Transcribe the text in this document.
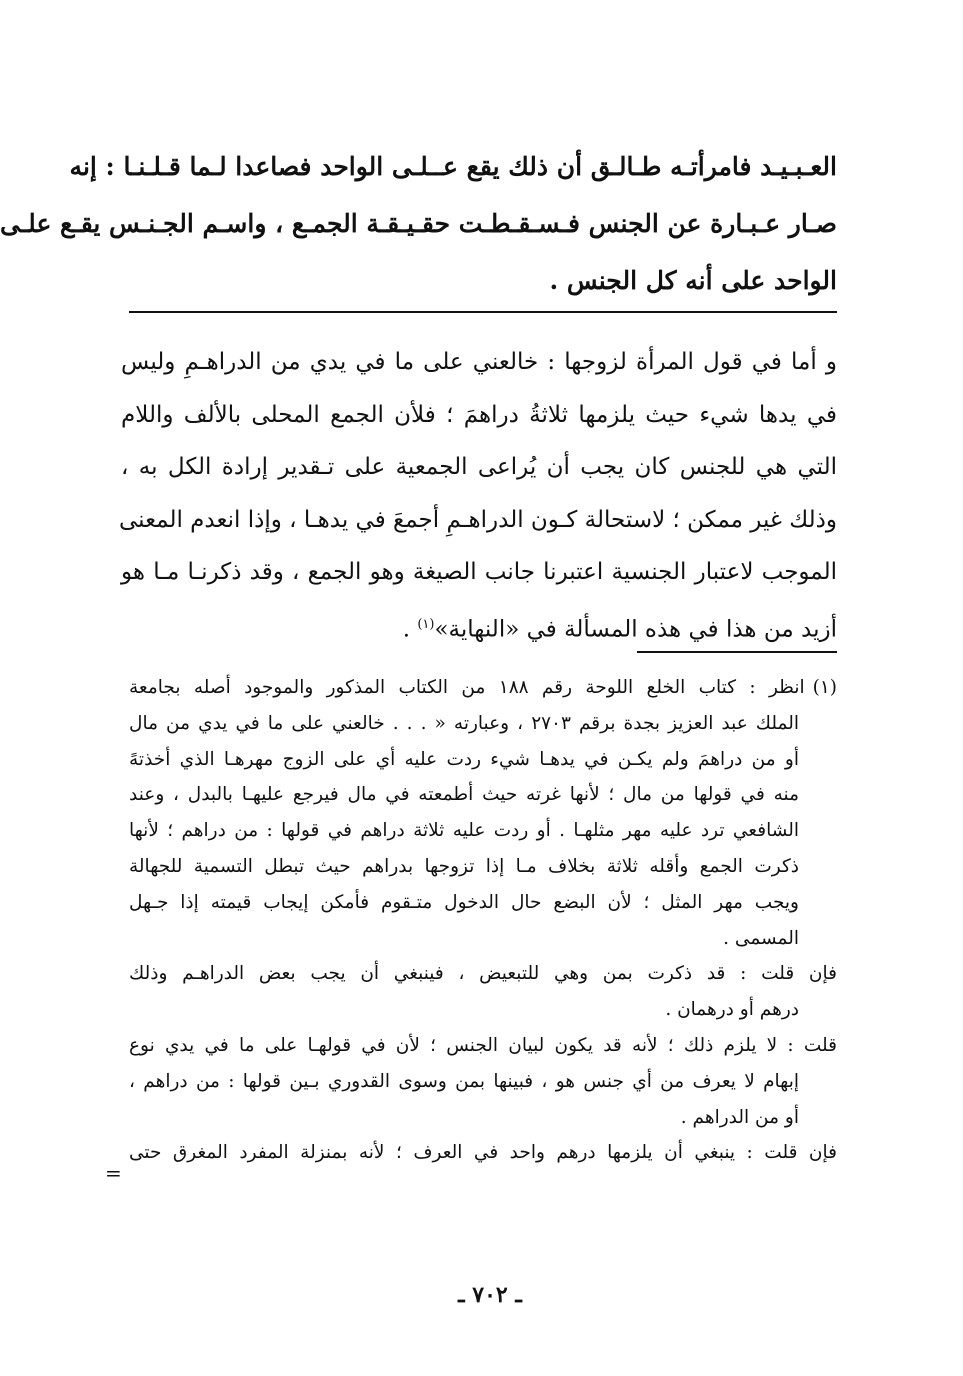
العـبـيـد فامرأتـه طـالـق أن ذلك يقع عــلـى الواحد فصاعدا لـما قـلـنـا : إنه
صـار عـبـارة عن الجنس فـسـقـطـت حقـيـقـة الجمـع ، واسـم الجـنـس يقـع علـى
الواحد على أنه كل الجنس .
و أما في قول المرأة لزوجها : خالعني على ما في يدي من الدراهـمِ وليس
في يدها شيء حيث يلزمها ثلاثةُ دراهمَ ؛ فلأن الجمع المحلى بالألف واللام
التي هي للجنس كان يجب أن يُراعى الجمعية على تـقدير إرادة الكل به ،
وذلك غير ممكن ؛ لاستحالة كـون الدراهـمِ أجمعَ في يدهـا ، وإذا انعدم المعنى
الموجب لاعتبار الجنسية اعتبرنا جانب الصيغة وهو الجمع ، وقد ذكرنـا مـا هو
أزيد من هذا في هذه المسألة في «النهاية»$^{(١)}$ .
(١)انظر : كتاب الخلع اللوحة رقم ١٨٨ من الكتاب المذكور والموجود أصله بجامعة
الملك عبد العزيز بجدة برقم ٢٧٠٣ ، وعبارته « . . . خالعني على ما في يدي من مال
أو من دراهمَ ولم يكـن في يدهـا شيء ردت عليه أي على الزوج مهرهـا الذي أخذتهً
منه في قولها من مال ؛ لأنها غرته حيث أطمعته في مال فيرجع عليهـا بالبدل ، وعند
الشافعي ترد عليه مهر مثلهـا . أو ردت عليه ثلاثة دراهم في قولها : من دراهم ؛ لأنها
ذكرت الجمع وأقله ثلاثة بخلاف مـا إذا تزوجها بدراهم حيث تبطل التسمية للجهالة
ويجب مهر المثل ؛ لأن البضع حال الدخول متـقوم فأمكن إيجاب قيمته إذا جـهل
المسمى .
فإن قلت : قد ذكرت بمن وهي للتبعيض ، فينبغي أن يجب بعض الدراهـم وذلك
درهم أو درهمان .
قلت : لا يلزم ذلك ؛ لأنه قد يكون لبيان الجنس ؛ لأن في قولهـا على ما في يدي نوع
إبهام لا يعرف من أي جنس هو ، فبينها بمن وسوى القدوري بـين قولها : من دراهم ،
أو من الدراهم .
فإن قلت : ينبغي أن يلزمها درهم واحد في العرف ؛ لأنه بمنزلة المفرد المغرق حتى
=
ـ ٧٠٢ ـ
